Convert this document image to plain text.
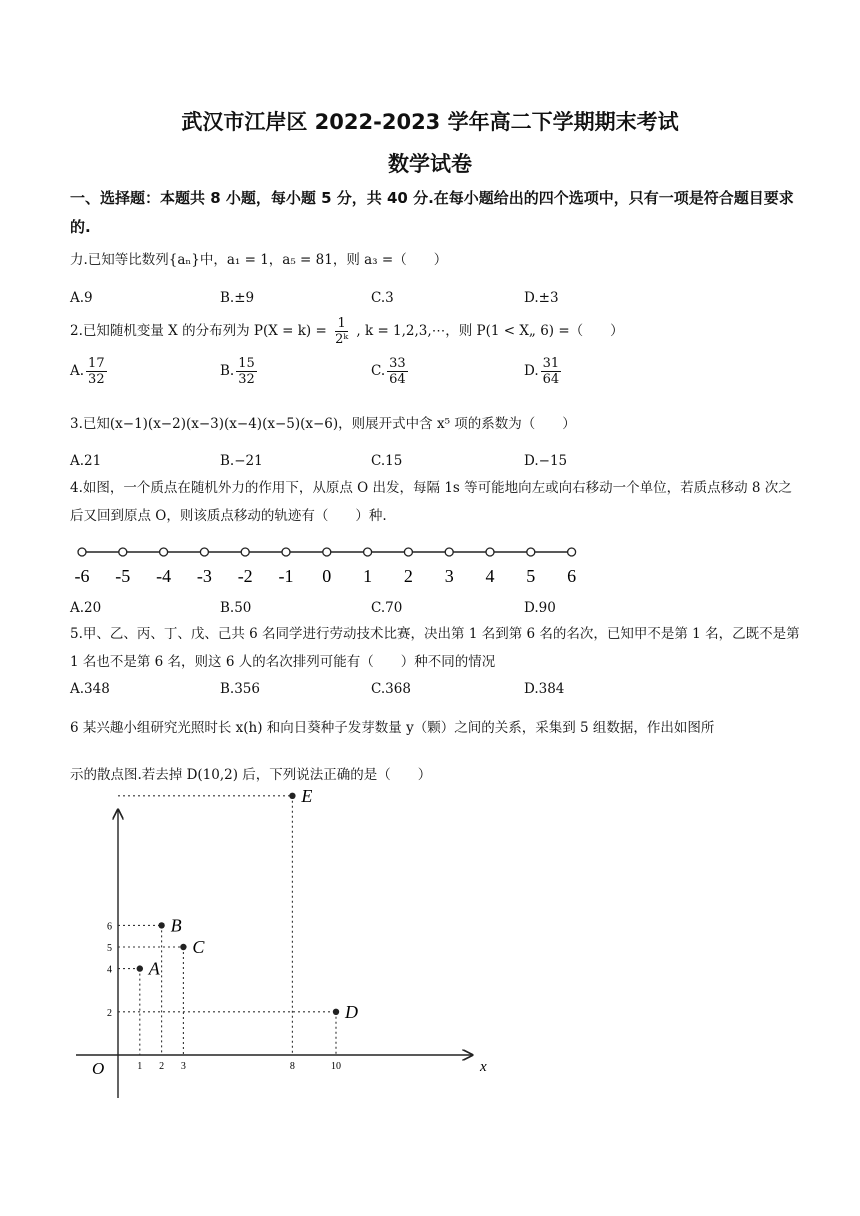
武汉市江岸区 2022-2023 学年高二下学期期末考试
数学试卷
一、选择题：本题共 8 小题，每小题 5 分，共 40 分.在每小题给出的四个选项中，只有一项是符合题目要求的.
力.已知等比数列{aₙ}中，a₁ = 1，a₅ = 81，则 a₃ =（　　）
A.9	B.±9	C.3	D.±3
2.已知随机变量 X 的分布列为 $P(X = k) = \frac{1}{\text{2ᵏ}}$ , k = 1,2,3,⋯，则 P(1 < X„ 6) =（　　）
A. $\frac{17}{32}$	B. $\frac{15}{32}$	C. $\frac{33}{64}$	D. $\frac{31}{64}$
3.已知(x−1)(x−2)(x−3)(x−4)(x−5)(x−6)，则展开式中含 x⁵ 项的系数为（　　）
A.21	B.−21	C.15	D.−15
4.如图，一个质点在随机外力的作用下，从原点 O 出发，每隔 1s 等可能地向左或向右移动一个单位，若质点移动 8 次之后又回到原点 O，则该质点移动的轨迹有（　　）种.
-6 -5 -4 -3 -2 -1 0 1 2 3 4 5 6
A.20	B.50	C.70	D.90
5.甲、乙、丙、丁、戊、己共 6 名同学进行劳动技术比赛，决出第 1 名到第 6 名的名次，已知甲不是第 1 名，乙既不是第 1 名也不是第 6 名，则这 6 人的名次排列可能有（　　）种不同的情况
A.348	B.356	C.368	D.384
6 某兴趣小组研究光照时长 x(h) 和向日葵种子发芽数量 y（颗）之间的关系，采集到 5 组数据，作出如图所
示的散点图.若去掉 D(10,2) 后，下列说法正确的是（　　）
x
O	1 2 3	8	10
2
4
5
6
A
B
C
D
E
